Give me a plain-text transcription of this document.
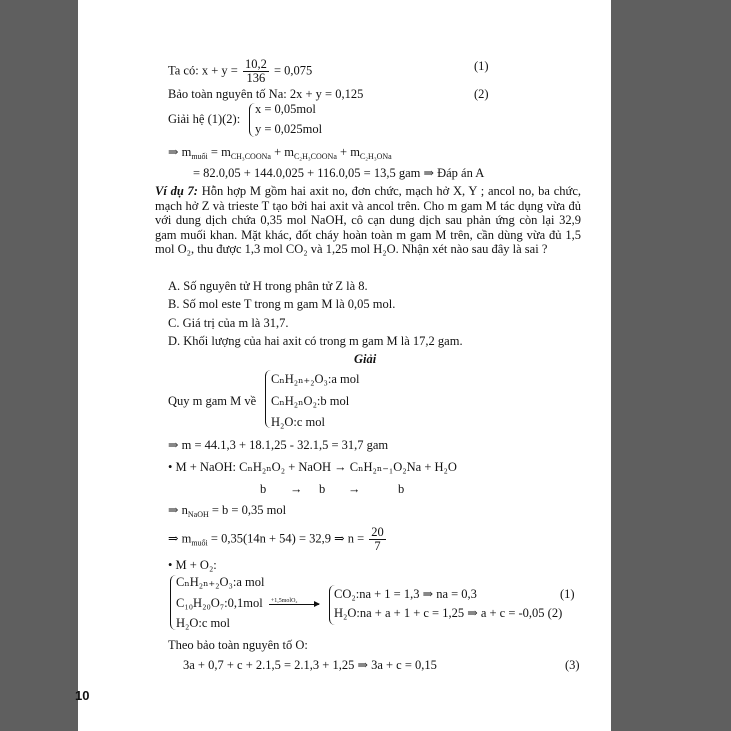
Ta có: $x + y = \frac{10,2}{136} = 0,075$	(1)
Bảo toàn nguyên tố Na: 2x + y = 0,125	(2)
Giải hệ (1)(2):
x = 0,05mol
y = 0,025mol
⇒ $m_{muối} = m_{CH_3COONa} + m_{C_2H_3COONa} + m_{C_2H_3ONa}$
= 82.0,05 + 144.0,025 + 116.0,05 = 13,5 gam ⇒ Đáp án A
Ví dụ 7: Hỗn hợp M gồm hai axit no, đơn chức, mạch hở X, Y ; ancol no, ba chức, mạch hở Z và trieste T tạo bởi hai axit và ancol trên. Cho m gam M tác dụng vừa đủ với dung dịch chứa 0,35 mol NaOH, cô cạn dung dịch sau phản ứng còn lại 32,9 gam muối khan. Mặt khác, đốt cháy hoàn toàn m gam M trên, cần dùng vừa đủ 1,5 mol O₂, thu được 1,3 mol CO₂ và 1,25 mol H₂O. Nhận xét nào sau đây là sai ?
A. Số nguyên tử H trong phân tử Z là 8.
B. Số mol este T trong m gam M là 0,05 mol.
C. Giá trị của m là 31,7.
D. Khối lượng của hai axit có trong m gam M là 17,2 gam.
Giải
Quy m gam M về
CₙH₂ₙ₊₂O₃:a mol
CₙH₂ₙO₂:b mol
H₂O:c mol
⇒ m = 44.1,3 + 18.1,25 - 32.1,5 = 31,7 gam
• M + NaOH: CₙH₂ₙO₂ + NaOH → CₙH₂ₙ₋₁O₂Na + H₂O
b → b →	b
⇒ $n_{NaOH} = b = 0,35$ mol
⇒ $m_{muối} = 0,35(14n + 54) = 32,9$ ⇒ $n = \frac{20}{7}$
• M + O₂:
CₙH₂ₙ₊₂O₃:a mol
C₁₀H₂₀O₇:0,1mol +1,5molO₂
H₂O:c mol
CO₂:na + 1 = 1,3 ⇒ na = 0,3	(1)
H₂O:na + a + 1 + c = 1,25 ⇒ a + c = -0,05 (2)
Theo bảo toàn nguyên tố O:
3a + 0,7 + c + 2.1,5 = 2.1,3 + 1,25 ⇒ 3a + c = 0,15	(3)
10
